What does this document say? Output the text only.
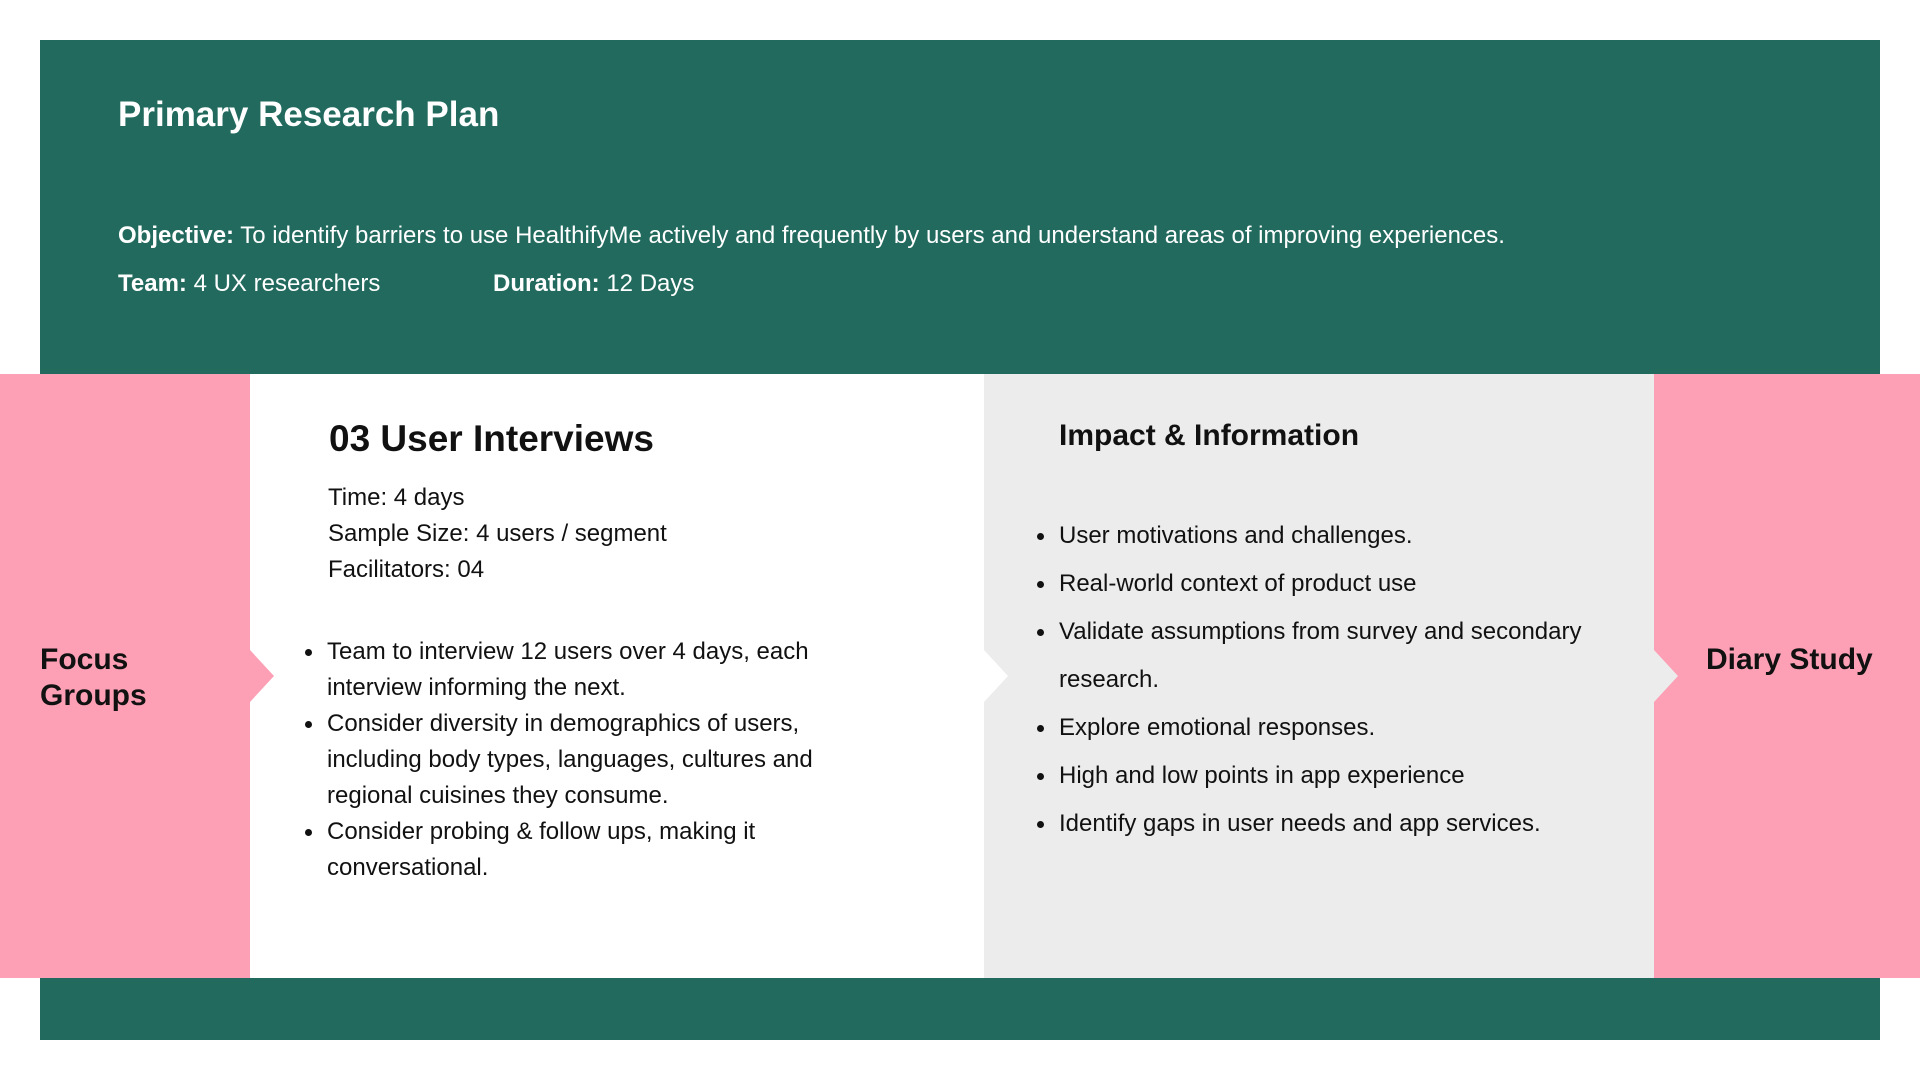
Primary Research Plan
Objective: To identify barriers to use HealthifyMe actively and frequently by users and understand areas of improving experiences.
Team: 4 UX researchers	Duration: 12 Days

Focus Groups

Diary Study

03 User Interviews
Time: 4 days
Sample Size: 4 users / segment
Facilitators: 04
Team to interview 12 users over 4 days, each interview informing the next.
Consider diversity in demographics of users, including body types, languages, cultures and regional cuisines they consume.
Consider probing & follow ups, making it conversational.
Impact & Information
User motivations and challenges.
Real-world context of product use
Validate assumptions from survey and secondary research.
Explore emotional responses.
High and low points in app experience
Identify gaps in user needs and app services.
